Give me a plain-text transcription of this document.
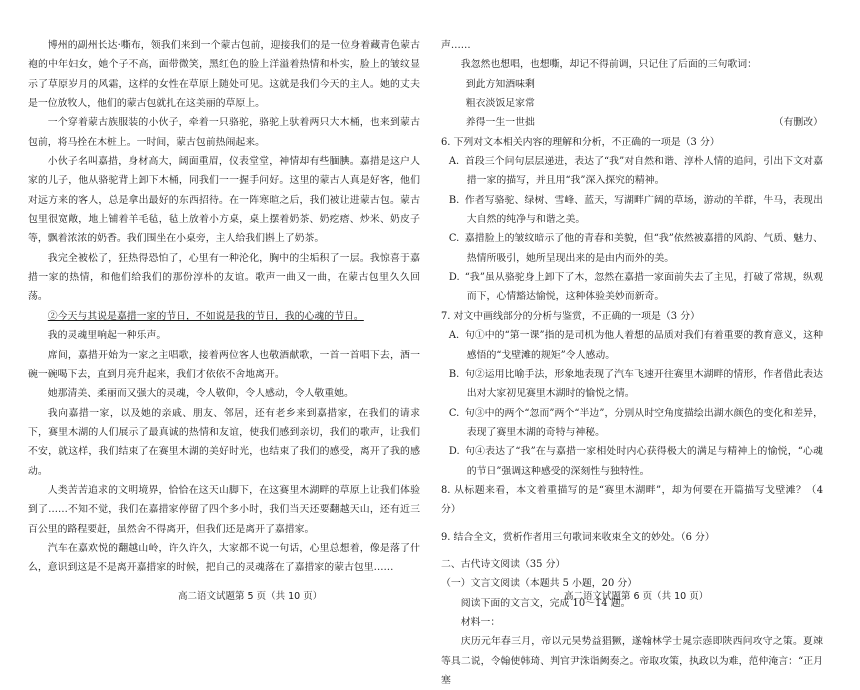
博州的副州长达·嘶布，领我们来到一个蒙古包前，迎接我们的是一位身着藏青色蒙古袍的中年妇女，她个子不高，面带微笑，黑红色的脸上洋溢着热情和朴实，脸上的皱纹显示了草原岁月的风霜，这样的女性在草原上随处可见。这就是我们今天的主人。她的丈夫是一位放牧人，他们的蒙古包就扎在这美丽的草原上。

一个穿着蒙古族服装的小伙子，牵着一只骆驼，骆驼上驮着两只大木桶，也来到蒙古包前，将马拴在木桩上。一时间，蒙古包前热闹起来。

小伙子名叫嘉措，身材高大，阔面重眉，仪表堂堂，神情却有些腼腆。嘉措是这户人家的儿子，他从骆驼背上卸下木桶，同我们一一握手问好。这里的蒙古人真是好客，他们对远方来的客人，总是拿出最好的东西招待。在一阵寒暄之后，我们被让进蒙古包。蒙古包里很宽敞，地上铺着羊毛毡，毡上放着小方桌，桌上摆着奶茶、奶疙瘩、炒米、奶皮子等，飘着浓浓的奶香。我们围坐在小桌旁，主人给我们斟上了奶茶。

我完全被松了，狂热得恐怕了，心里有一种沦化，胸中的尘垢积了一层。我惊喜于嘉措一家的热情，和他们给我们的那份淳朴的友谊。歌声一曲又一曲，在蒙古包里久久回荡。

②今天与其说是嘉措一家的节日，不如说是我的节日，我的心魂的节日。

我的灵魂里响起一种乐声。

席间，嘉措开始为一家之主唱歌，接着两位客人也敬酒献歌，一首一首唱下去，酒一碗一碗喝下去，直到月亮升起来，我们才依依不舍地离开。

她那清美、柔丽而又强大的灵魂，令人敬仰，令人感动，令人敬重她。

我向嘉措一家，以及她的亲戚、朋友、邻居，还有老乡来到嘉措家，在我们的请求下，赛里木湖的人们展示了最真诚的热情和友谊，使我们感到亲切，我们的歌声，让我们不安，就这样，我们结束了在赛里木湖的美好时光，也结束了我们的感受，离开了我的感动。

人类苦苦追求的文明境界，恰恰在这天山脚下，在这赛里木湖畔的草原上让我们体验到了……不知不觉，我们在嘉措家停留了四个多小时，我们当天还要翻越天山，还有近三百公里的路程要赶，虽然舍不得离开，但我们还是离开了嘉措家。

汽车在嘉欢悦的翻越山岭，许久许久，大家都不说一句话，心里总想着，像是落了什么，意识到这是不是离开嘉措家的时候，把自己的灵魂落在了嘉措家的蒙古包里……

高二语文试题第 5 页（共 10 页）

声……

我忽然也想唱，也想嘶，却记不得前调，只记住了后面的三句歌词：

到此方知酒味剩

粗衣淡饭足家常

养得一生一世拙	（有删改）

6. 下列对文本相关内容的理解和分析，不正确的一项是（3 分）

A. 首段三个问句层层递进，表达了“我”对自然和谐、淳朴人情的追问，引出下文对嘉措一家的描写，并且用“我”深入探究的精神。

B. 作者写骆驼、绿树、雪峰、蓝天，写湖畔广阔的草场，游动的羊群，牛马，表现出大自然的纯净与和谐之美。

C. 嘉措脸上的皱纹暗示了他的青春和美貌，但“我”依然被嘉措的风韵、气质、魅力、热情所吸引，她所呈现出来的是由内而外的美。

D. “我”虽从骆驼身上卸下了木，忽然在嘉措一家面前失去了主见，打破了常规，纵观而下，心情豁达愉悦，这种体验美妙而新奇。

7. 对文中画线部分的分析与鉴赏，不正确的一项是（3 分）

A. 句①中的“第一课”指的是司机为他人着想的品质对我们有着重要的教育意义，这种感悟的“戈壁滩的规矩”令人感动。

B. 句②运用比喻手法，形象地表现了汽车飞速开往赛里木湖畔的情形，作者借此表达出对大家初见赛里木湖时的愉悦之情。

C. 句③中的两个“忽而”两个“半边”，分别从时空角度描绘出湖水颜色的变化和差异，表现了赛里木湖的奇特与神秘。

D. 句④表达了“我”在与嘉措一家相处时内心获得极大的满足与精神上的愉悦，“心魂的节日”强调这种感受的深刻性与独特性。

8. 从标题来看，本文着重描写的是“赛里木湖畔”，却为何要在开篇描写戈壁滩？（4 分）

9. 结合全文，赏析作者用三句歌词来收束全文的妙处。（6 分）

二、古代诗文阅读（35 分）

（一）文言文阅读（本题共 5 小题，20 分）

阅读下面的文言文，完成 10～14 题。

材料一：

庆历元年春三月，帝以元昊势益猖獗，遂翰林学士晁宗悫即陕西问攻守之策。夏竦等具二说，令翰使韩琦、判官尹洙诣阙奏之。帝取攻策，执政以为难，范仲淹言：“正月塞

高二语文试题第 6 页（共 10 页）
